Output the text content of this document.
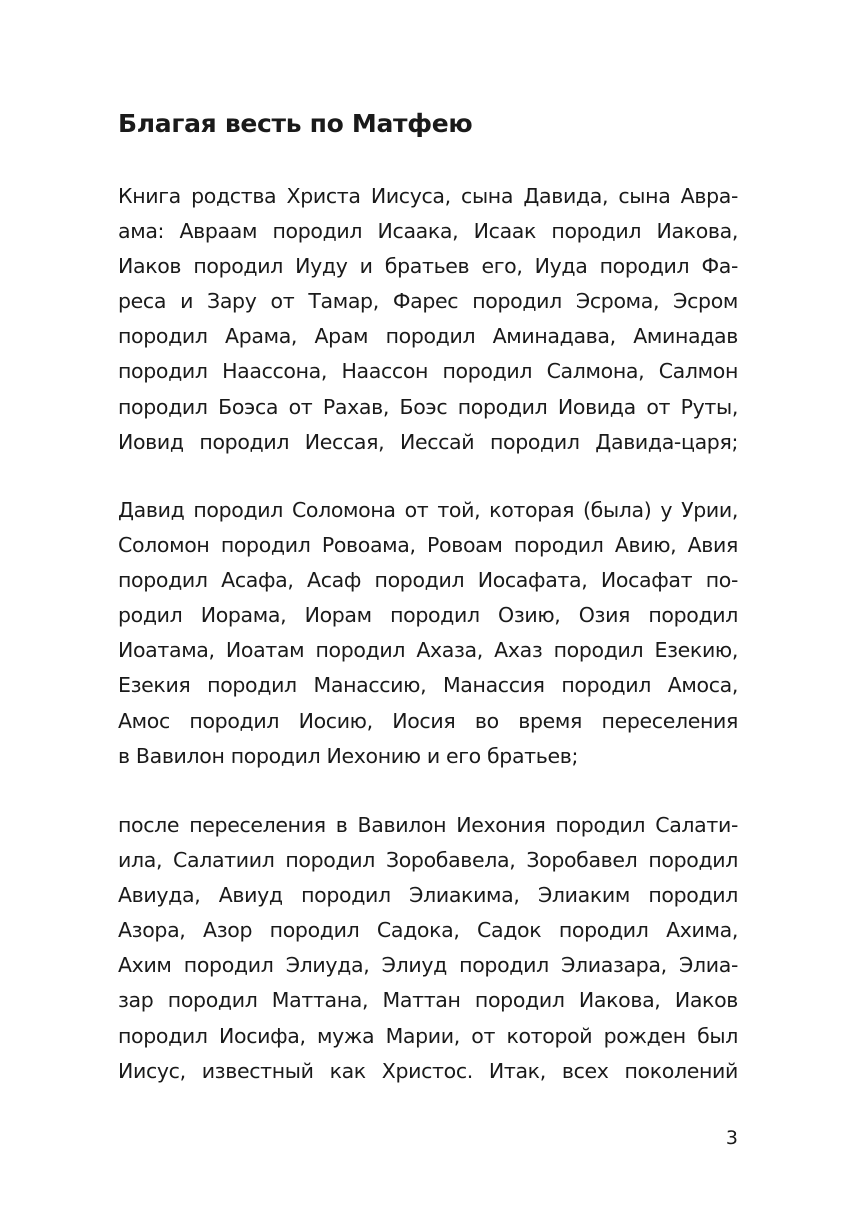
Благая весть по Матфею
Книга родства Христа Иисуса, сына Давида, сына Авра-
ама: Авраам породил Исаака, Исаак породил Иакова,
Иаков породил Иуду и братьев его, Иуда породил Фа-
реса и Зару от Тамар, Фарес породил Эсрома, Эсром
породил Арама, Арам породил Аминадава, Аминадав
породил Наассона, Наассон породил Салмона, Салмон
породил Боэса от Рахав, Боэс породил Иовида от Руты,
Иовид породил Иессая, Иессай породил Давида-царя;
Давид породил Соломона от той, которая (была) у Урии,
Соломон породил Ровоама, Ровоам породил Авию, Авия
породил Асафа, Асаф породил Иосафата, Иосафат по-
родил Иорама, Иорам породил Озию, Озия породил
Иоатама, Иоатам породил Ахаза, Ахаз породил Езекию,
Езекия породил Манассию, Манассия породил Амоса,
Амос породил Иосию, Иосия во время переселения
в Вавилон породил Иехонию и его братьев;
после переселения в Вавилон Иехония породил Салати-
ила, Салатиил породил Зоробавела, Зоробавел породил
Авиуда, Авиуд породил Элиакима, Элиаким породил
Азора, Азор породил Садока, Садок породил Ахима,
Ахим породил Элиуда, Элиуд породил Элиазара, Элиа-
зар породил Маттана, Маттан породил Иакова, Иаков
породил Иосифа, мужа Марии, от которой рожден был
Иисус, известный как Христос. Итак, всех поколений
3
